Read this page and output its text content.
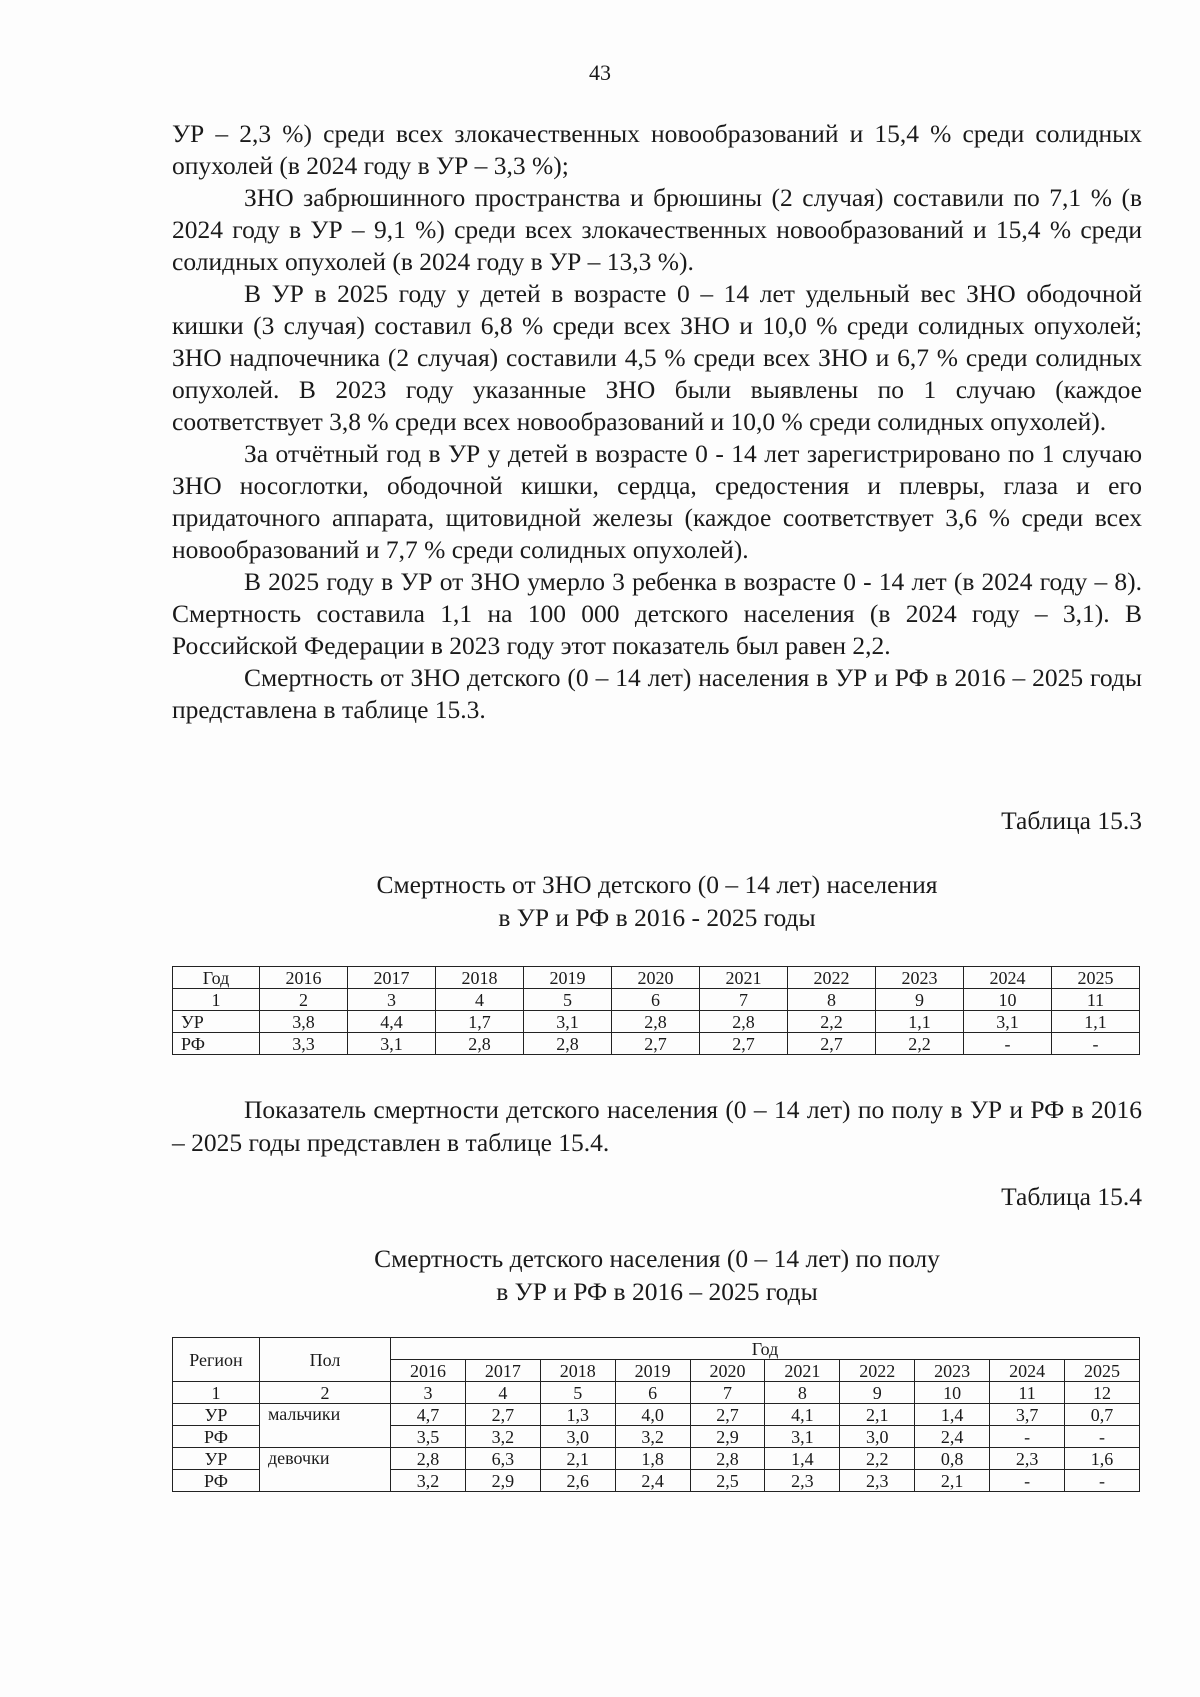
43

УР – 2,3 %) среди всех злокачественных новообразований и 15,4 % среди солидных опухолей (в 2024 году в УР – 3,3 %);

ЗНО забрюшинного пространства и брюшины (2 случая) составили по 7,1 % (в 2024 году в УР – 9,1 %) среди всех злокачественных новообразований и 15,4 % среди солидных опухолей (в 2024 году в УР – 13,3 %).

В УР в 2025 году у детей в возрасте 0 – 14 лет удельный вес ЗНО ободочной кишки (3 случая) составил 6,8 % среди всех ЗНО и 10,0 % среди солидных опухолей; ЗНО надпочечника (2 случая) составили 4,5 % среди всех ЗНО и 6,7 % среди солидных опухолей. В 2023 году указанные ЗНО были выявлены по 1 случаю (каждое соответствует 3,8 % среди всех новообразований и 10,0 % среди солидных опухолей).

За отчётный год в УР у детей в возрасте 0 - 14 лет зарегистрировано по 1 случаю ЗНО носоглотки, ободочной кишки, сердца, средостения и плевры, глаза и его придаточного аппарата, щитовидной железы (каждое соответствует 3,6 % среди всех новообразований и 7,7 % среди солидных опухолей).

В 2025 году в УР от ЗНО умерло 3 ребенка в возрасте 0 - 14 лет (в 2024 году – 8). Смертность составила 1,1 на 100 000 детского населения (в 2024 году – 3,1). В Российской Федерации в 2023 году этот показатель был равен 2,2.

Смертность от ЗНО детского (0 – 14 лет) населения в УР и РФ в 2016 – 2025 годы представлена в таблице 15.3.

Таблица 15.3
Смертность от ЗНО детского (0 – 14 лет) населения
в УР и РФ в 2016 - 2025 годы
Год	2016	2017	2018	2019	2020	2021	2022	2023	2024	2025
1	2	3	4	5	6	7	8	9	10	11
УР	3,8	4,4	1,7	3,1	2,8	2,8	2,2	1,1	3,1	1,1
РФ	3,3	3,1	2,8	2,8	2,7	2,7	2,7	2,2	-	-

Показатель смертности детского населения (0 – 14 лет) по полу в УР и РФ в 2016 – 2025 годы представлен в таблице 15.4.

Таблица 15.4
Смертность детского населения (0 – 14 лет) по полу
в УР и РФ в 2016 – 2025 годы
Регион	Пол	Год									
		2016	2017	2018	2019	2020	2021	2022	2023	2024	2025
1	2	3	4	5	6	7	8	9	10	11	12
УР	мальчики	4,7	2,7	1,3	4,0	2,7	4,1	2,1	1,4	3,7	0,7
РФ		3,5	3,2	3,0	3,2	2,9	3,1	3,0	2,4	-	-
УР	девочки	2,8	6,3	2,1	1,8	2,8	1,4	2,2	0,8	2,3	1,6
РФ		3,2	2,9	2,6	2,4	2,5	2,3	2,3	2,1	-	-
